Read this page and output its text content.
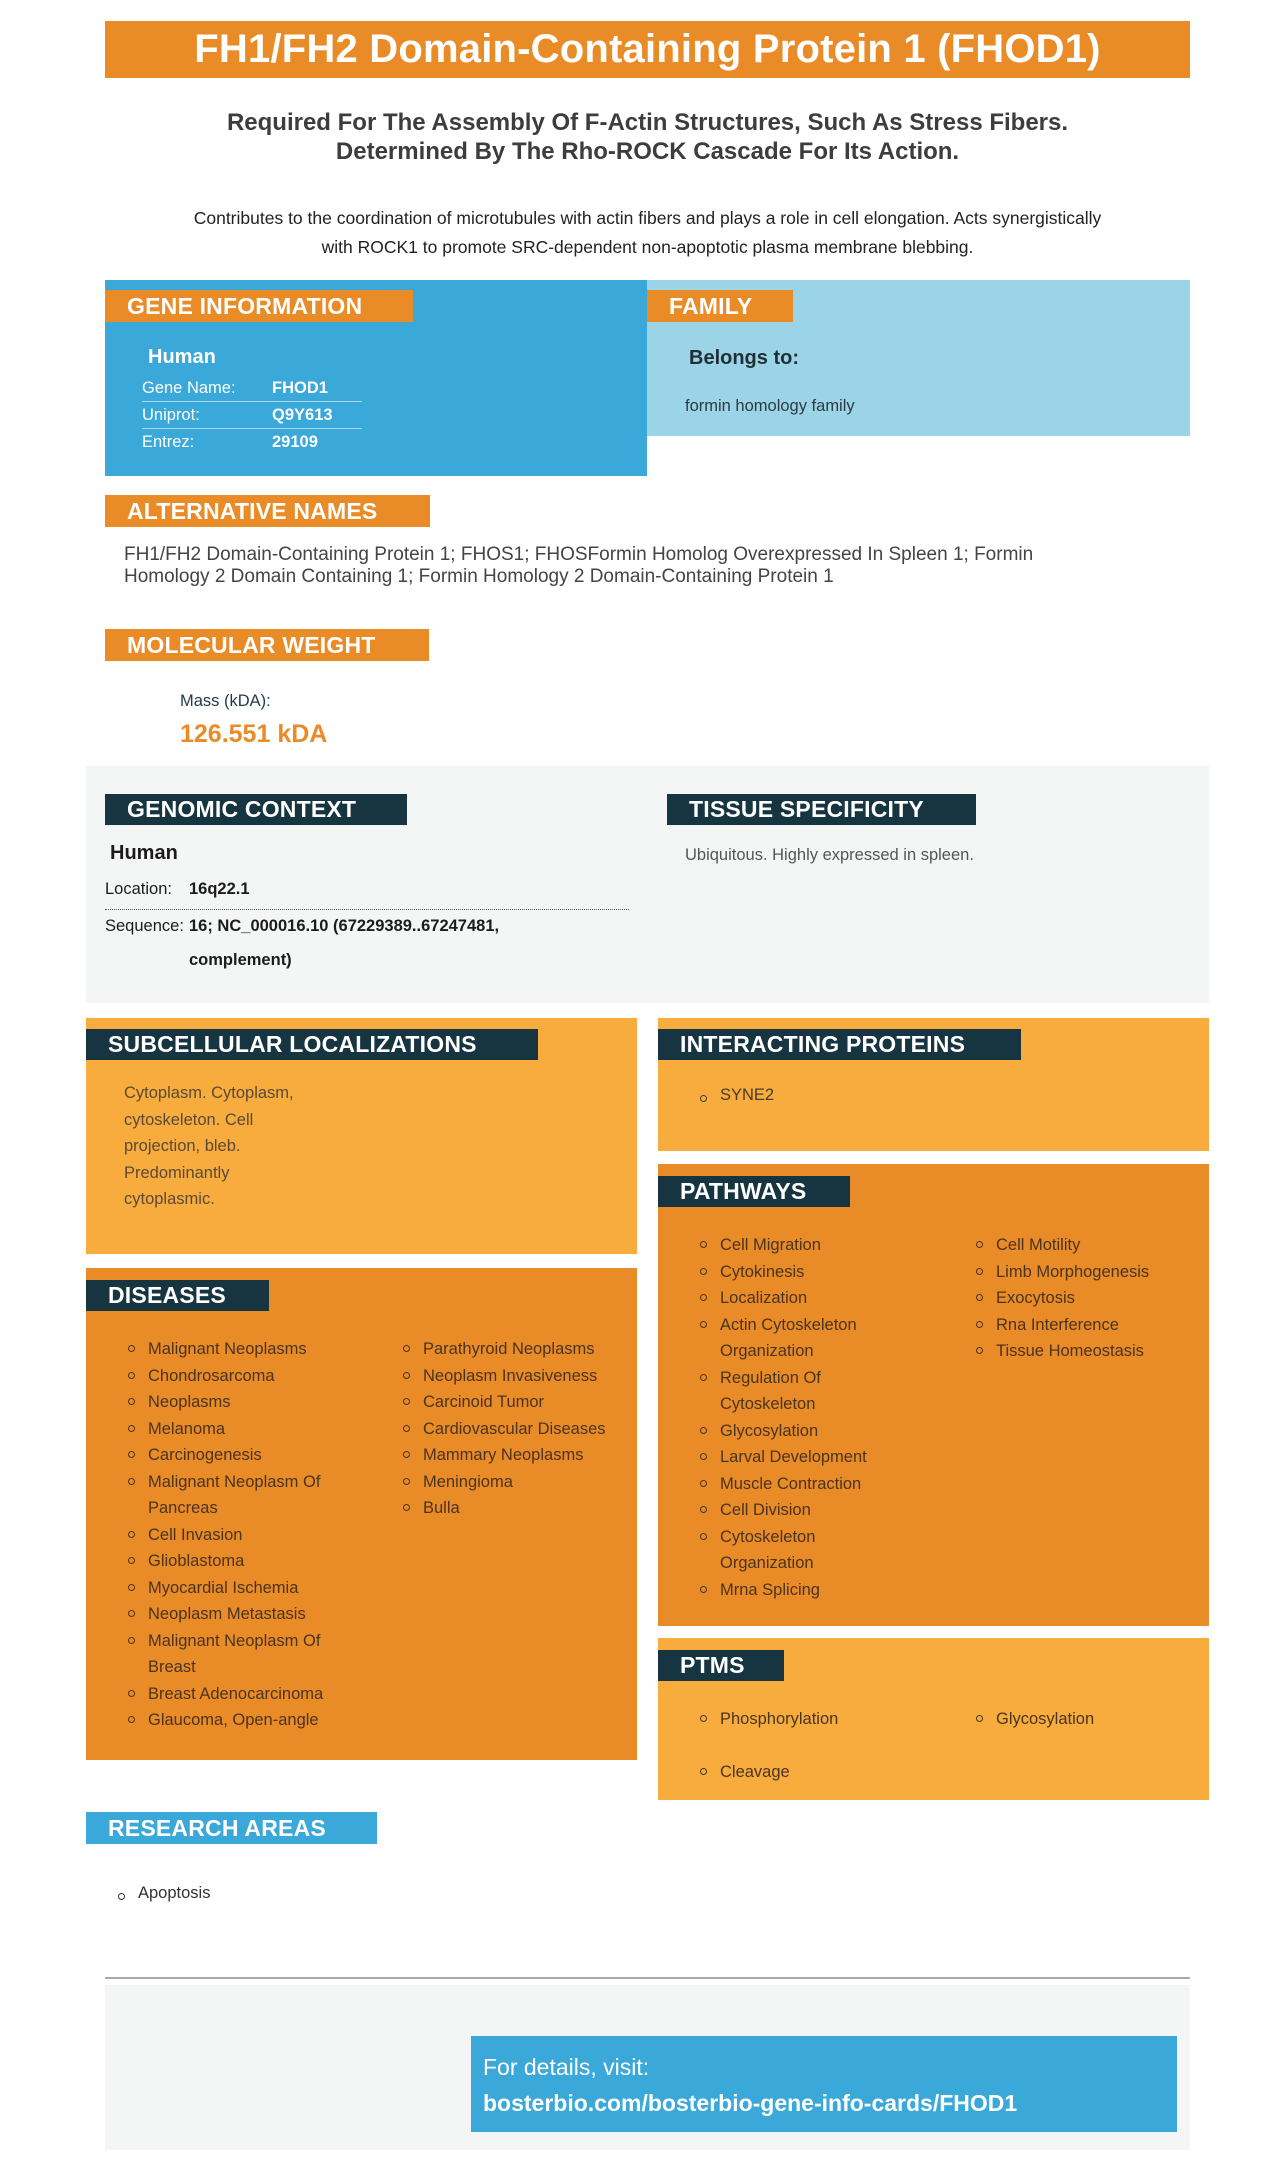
FH1/FH2 Domain-Containing Protein 1 (FHOD1)
Required For The Assembly Of F-Actin Structures, Such As Stress Fibers.
Determined By The Rho-ROCK Cascade For Its Action.
Contributes to the coordination of microtubules with actin fibers and plays a role in cell elongation. Acts synergistically
with ROCK1 to promote SRC-dependent non-apoptotic plasma membrane blebbing.
GENE INFORMATION
Human
Gene Name:	FHOD1
Uniprot:	Q9Y613
Entrez:	29109
FAMILY
Belongs to:
formin homology family
ALTERNATIVE NAMES
FH1/FH2 Domain-Containing Protein 1; FHOS1; FHOSFormin Homolog Overexpressed In Spleen 1; Formin
Homology 2 Domain Containing 1; Formin Homology 2 Domain-Containing Protein 1
MOLECULAR WEIGHT
Mass (kDA):
126.551 kDA
GENOMIC CONTEXT
Human
Location: 16q22.1
Sequence: 16; NC_000016.10 (67229389..67247481,
complement)
TISSUE SPECIFICITY
Ubiquitous. Highly expressed in spleen.
SUBCELLULAR LOCALIZATIONS
Cytoplasm. Cytoplasm,
cytoskeleton. Cell
projection, bleb.
Predominantly
cytoplasmic.
INTERACTING PROTEINS
SYNE2
PATHWAYS
Cell Migration
Cytokinesis
Localization
Actin Cytoskeleton
Organization
Regulation Of
Cytoskeleton
Glycosylation
Larval Development
Muscle Contraction
Cell Division
Cytoskeleton
Organization
Mrna Splicing
Cell Motility
Limb Morphogenesis
Exocytosis
Rna Interference
Tissue Homeostasis
DISEASES
Malignant Neoplasms
Chondrosarcoma
Neoplasms
Melanoma
Carcinogenesis
Malignant Neoplasm Of
Pancreas
Cell Invasion
Glioblastoma
Myocardial Ischemia
Neoplasm Metastasis
Malignant Neoplasm Of
Breast
Breast Adenocarcinoma
Glaucoma, Open-angle
Parathyroid Neoplasms
Neoplasm Invasiveness
Carcinoid Tumor
Cardiovascular Diseases
Mammary Neoplasms
Meningioma
Bulla
PTMS
Phosphorylation
Cleavage
Glycosylation
RESEARCH AREAS
Apoptosis
For details, visit:
bosterbio.com/bosterbio-gene-info-cards/FHOD1
